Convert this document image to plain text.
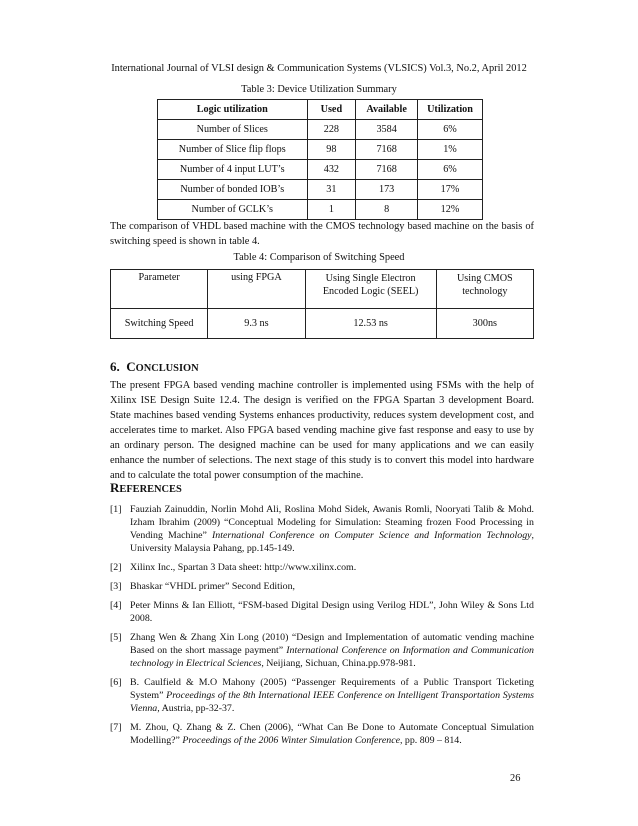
International Journal of VLSI design & Communication Systems (VLSICS) Vol.3, No.2, April 2012
Table 3: Device Utilization Summary
Logic utilization	Used	Available	Utilization
Number of Slices	228	3584	6%
Number of Slice flip flops	98	7168	1%
Number of 4 input LUT’s	432	7168	6%
Number of bonded IOB’s	31	173	17%
Number of GCLK’s	1	8	12%
The comparison of VHDL based machine with the CMOS technology based machine on the basis of switching speed is shown in table 4.
Table 4: Comparison of Switching Speed
Parameter	using FPGA	Using Single Electron Encoded Logic (SEEL)	Using CMOS technology
Switching Speed	9.3 ns	12.53 ns	300ns
6. CONCLUSION
The present FPGA based vending machine controller is implemented using FSMs with the help of Xilinx ISE Design Suite 12.4. The design is verified on the FPGA Spartan 3 development Board. State machines based vending Systems enhances productivity, reduces system development cost, and accelerates time to market. Also FPGA based vending machine give fast response and easy to use by an ordinary person. The designed machine can be used for many applications and we can easily enhance the number of selections. The next stage of this study is to convert this model into hardware and to calculate the total power consumption of the machine.
REFERENCES
[1] Fauziah Zainuddin, Norlin Mohd Ali, Roslina Mohd Sidek, Awanis Romli, Nooryati Talib & Mohd. Izham Ibrahim (2009) “Conceptual Modeling for Simulation: Steaming frozen Food Processing in Vending Machine” International Conference on Computer Science and Information Technology, University Malaysia Pahang, pp.145-149.
[2] Xilinx Inc., Spartan 3 Data sheet: http://www.xilinx.com.
[3] Bhaskar “VHDL primer” Second Edition,
[4] Peter Minns & Ian Elliott, “FSM-based Digital Design using Verilog HDL”, John Wiley & Sons Ltd 2008.
[5] Zhang Wen & Zhang Xin Long (2010) “Design and Implementation of automatic vending machine Based on the short massage payment” International Conference on Information and Communication technology in Electrical Sciences, Neijiang, Sichuan, China.pp.978-981.
[6] B. Caulfield & M.O Mahony (2005) “Passenger Requirements of a Public Transport Ticketing System” Proceedings of the 8th International IEEE Conference on Intelligent Transportation Systems Vienna, Austria, pp-32-37.
[7] M. Zhou, Q. Zhang & Z. Chen (2006), “What Can Be Done to Automate Conceptual Simulation Modelling?” Proceedings of the 2006 Winter Simulation Conference, pp. 809 – 814.
26
